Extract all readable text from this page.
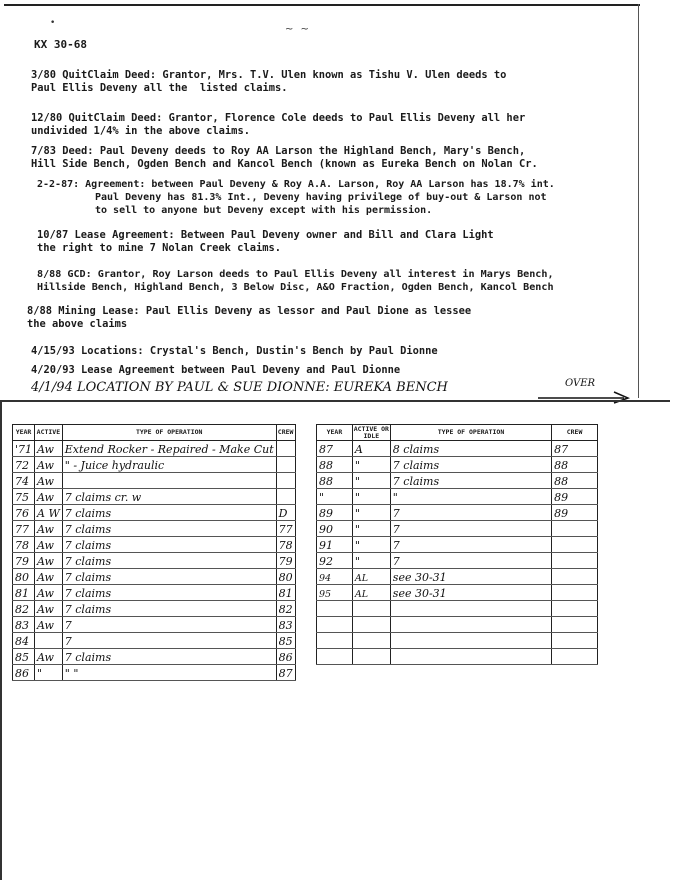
•
~ ~
KX 30-68
3/80 QuitClaim Deed: Grantor, Mrs. T.V. Ulen known as Tishu V. Ulen deeds to
Paul Ellis Deveny all the  listed claims.
12/80 QuitClaim Deed: Grantor, Florence Cole deeds to Paul Ellis Deveny all her
undivided 1/4% in the above claims.
7/83 Deed: Paul Deveny deeds to Roy AA Larson the Highland Bench, Mary's Bench,
Hill Side Bench, Ogden Bench and Kancol Bench (known as Eureka Bench on Nolan Cr.
2-2-87: Agreement: between Paul Deveny & Roy A.A. Larson, Roy AA Larson has 18.7% int.
Paul Deveny has 81.3% Int., Deveny having privilege of buy-out & Larson not
to sell to anyone but Deveny except with his permission.
10/87 Lease Agreement: Between Paul Deveny owner and Bill and Clara Light
the right to mine 7 Nolan Creek claims.
8/88 GCD: Grantor, Roy Larson deeds to Paul Ellis Deveny all interest in Marys Bench,
Hillside Bench, Highland Bench, 3 Below Disc, A&O Fraction, Ogden Bench, Kancol Bench
8/88 Mining Lease: Paul Ellis Deveny as lessor and Paul Dione as lessee
the above claims
4/15/93 Locations: Crystal's Bench, Dustin's Bench by Paul Dionne
4/20/93 Lease Agreement between Paul Deveny and Paul Dionne
4/1/94 LOCATION BY PAUL & SUE DIONNE: EUREKA BENCH	OVER
YEAR	ACTIVE	TYPE OF OPERATION	CREW
'71	Aw	Extend Rocker - Repaired - Make Cut	
72	Aw	" - Juice hydraulic	
74	Aw		
75	Aw	7 claims cr. w	
76	A W	7 claims	D
77	Aw	7 claims	77
78	Aw	7 claims	78
79	Aw	7 claims	79
80	Aw	7 claims	80
81	Aw	7 claims	81
82	Aw	7 claims	82
83	Aw	7	83
84		7	85
85	Aw	7 claims	86
86	"	" "	87
YEAR	ACTIVE OR IDLE	TYPE OF OPERATION	CREW
87	A	8 claims	87
88	"	7 claims	88
88	"	7 claims	88
"	"	"	89
89	"	7	89
90	"	7	
91	"	7	
92	"	7	
94	AL	see 30-31	
95	AL	see 30-31	
